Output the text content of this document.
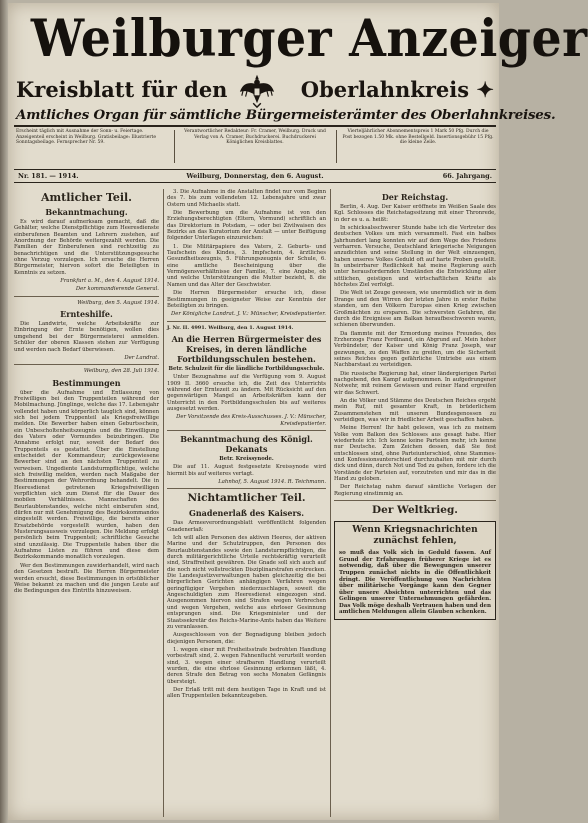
Weilburger Anzeiger
Kreisblatt für den	Oberlahnkreis ✦
Amtliches Organ für sämtliche Bürgermeisterämter des Oberlahnkreises.
Erscheint täglich mit Ausnahme der Sonn- u. Feiertage. Anzeigenteil erscheint in Weilburg. Gratisbeilage: Illustrierte Sonntagsbeilage. Fernsprecher Nr. 59.
Verantwortlicher Redakteur: Fr. Cramer, Weilburg. Druck und Verlag von A. Cramer, Buchdruckerei. Buchdruckerei Königlichen Kreisblattes.
Vierteljährlicher Abonnementspreis 1 Mark 50 Pfg. Durch die Post bezogen 1.50 Mk. ohne Bestellgeld. Insertionsgebühr 15 Pfg. die kleine Zeile.
Weilburg, Donnerstag, den 6. August.
Nr. 181. — 1914.	66. Jahrgang.
Amtlicher Teil.
Bekanntmachung.

Es wird darauf aufmerksam gemacht, daß die Gehälter, welche Dienstpflichtige zum Heeresdienste einberufenen Beamten und Lehrern zustehen, auf Anordnung der Behörde weitergezahlt werden. Die Familien der Einberufenen sind rechtzeitig zu benachrichtigen und die Unterstützungsgesuche ohne Verzug vorzulegen. Ich ersuche die Herren Bürgermeister, hiervon sofort die Beteiligten in Kenntnis zu setzen.

Frankfurt a. M., den 4. August 1914.

Der kommandierende General.

Weilburg, den 5. August 1914.

Ernteshilfe.

Die Landwirte, welche Arbeitskräfte zur Einbringung der Ernte benötigen, wollen dies umgehend bei der Bürgermeisterei anmelden. Schüler der oberen Klassen stehen zur Verfügung und werden nach Bedarf überwiesen.

Der Landrat.

Weilburg, den 28. Juli 1914.

Bestimmungen

über die Aufnahme und Entlassung von Freiwilligen bei den Truppenteilen während der Mobilmachung. Jünglinge, welche das 17. Lebensjahr vollendet haben und körperlich tauglich sind, können sich bei jedem Truppenteil als Kriegsfreiwillige melden. Die Bewerber haben einen Geburtsschein, ein Unbescholtenheitszeugnis und die Einwilligung des Vaters oder Vormundes beizubringen. Die Annahme erfolgt nur, soweit der Bedarf des Truppenteils es gestattet. Über die Einstellung entscheidet der Kommandeur; zurückgewiesene Bewerber sind an den nächsten Truppenteil zu verweisen. Ungediente Landsturmpflichtige, welche sich freiwillig melden, werden nach Maßgabe der Bestimmungen der Wehrordnung behandelt. Die in Heeresdienst getretenen Kriegsfreiwilligen verpflichten sich zum Dienst für die Dauer des mobilen Verhältnisses. Mannschaften des Beurlaubtenstandes, welche nicht einberufen sind, dürfen nur mit Genehmigung des Bezirkskommandos eingestellt werden. Freiwillige, die bereits einer Ersatzbehörde vorgestellt wurden, haben den Musterungsausweis vorzulegen. Die Meldung erfolgt persönlich beim Truppenteil; schriftliche Gesuche sind unzulässig. Die Truppenteile haben über die Aufnahme Listen zu führen und diese dem Bezirkskommando monatlich vorzulegen.

Wer den Bestimmungen zuwiderhandelt, wird nach den Gesetzen bestraft. Die Herren Bürgermeister werden ersucht, diese Bestimmungen in ortsüblicher Weise bekannt zu machen und die jungen Leute auf die Bedingungen des Eintritts hinzuweisen.

3. Die Aufnahme in die Anstalten findet nur vom Beginn des 7. bis zum vollendeten 12. Lebensjahre und zwar Ostern und Michaelis statt.

Die Bewerbung um die Aufnahme ist von den Erziehungsberechtigten (Eltern, Vormund) schriftlich an das Direktorium in Potsdam, — oder bei Zivilwaisen des Bezirks an das Kuratorium der Anstalt — unter Beifügung folgender Unterlagen einzureichen:

1. Die Militärpapiere des Vaters, 2. Geburts- und Taufschein des Kindes, 3. Impfschein, 4. ärztliches Gesundheitszeugnis, 5. Führungszeugnis der Schule, 6. eine amtliche Bescheinigung über die Vermögensverhältnisse der Familie, 7. eine Angabe, ob und welche Unterstützungen die Mutter bezieht, 8. die Namen und das Alter der Geschwister.

Die Herren Bürgermeister ersuche ich, diese Bestimmungen in geeigneter Weise zur Kenntnis der Beteiligten zu bringen.

Der Königliche Landrat. J. V.: Münscher, Kreisdeputierter.

J. Nr. II. 4991. Weilburg, den 1. August 1914.

An die Herren Bürgermeister des Kreises, in deren ländliche Fortbildungsschulen bestehen.

Betr. Schulzeit für die ländliche Fortbildungsschule.

Unter Bezugnahme auf die Verfügung vom 9. August 1909 II. 3660 ersuche ich, die Zeit des Unterrichts während der Erntezeit zu ändern. Mit Rücksicht auf den gegenwärtigen Mangel an Arbeitskräften kann der Unterricht in den Fortbildungsschulen bis auf weiteres ausgesetzt werden.

Der Vorsitzende des Kreis-Ausschusses. J. V.: Münscher, Kreisdeputierter.

Bekanntmachung des Königl. Dekanats

Betr. Kreissynode.

Die auf 11. August festgesetzte Kreissynode wird hiermit bis auf weiteres vertagt.

Lahnhof, 5. August 1914. R. Teichmann.

Nichtamtlicher Teil.
Gnadenerlaß des Kaisers.

Das Armeeverordnungsblatt veröffentlicht folgenden Gnadenerlaß:

Ich will allen Personen des aktiven Heeres, der aktiven Marine und der Schutztruppen, den Personen des Beurlaubtenstandes sowie den Landsturmpflichtigen, die durch militärgerichtliche Urteile rechtskräftig verurteilt sind, Straffreiheit gewähren. Die Gnade soll sich auch auf die noch nicht vollstreckten Disziplinarstrafen erstrecken. Die Landesjustizverwaltungen haben gleichzeitig die bei bürgerlichen Gerichten anhängigen Verfahren wegen geringfügiger Vergehen niederzuschlagen, soweit die Angeschuldigten zum Heeresdienst eingezogen sind. Ausgenommen hiervon sind Strafen wegen Verbrechen und wegen Vergehen, welche aus ehrloser Gesinnung entsprungen sind. Die Kriegsminister und der Staatssekretär des Reichs-Marine-Amts haben das Weitere zu veranlassen.

Ausgeschlossen von der Begnadigung bleiben jedoch diejenigen Personen, die:

1. wegen einer mit Freiheitsstrafe bedrohten Handlung vorbestraft sind, 2. wegen Fahnenflucht verurteilt worden sind, 3. wegen einer strafbaren Handlung verurteilt wurden, die eine ehrlose Gesinnung erkennen läßt, 4. deren Strafe den Betrag von sechs Monaten Gefängnis übersteigt.

Der Erlaß tritt mit dem heutigen Tage in Kraft und ist allen Truppenteilen bekanntzugeben.

Der Reichstag.

Berlin, 4. Aug. Der Kaiser eröffnete im Weißen Saale des Kgl. Schlosses die Reichstagssitzung mit einer Thronrede, in der es u. a. heißt:

In schicksalsschwerer Stunde habe ich die Vertreter des deutschen Volkes um mich versammelt. Fast ein halbes Jahrhundert lang konnten wir auf dem Wege des Friedens verharren. Versuche, Deutschland kriegerische Neigungen anzudichten und seine Stellung in der Welt einzuengen, haben unseres Volkes Geduld oft auf harte Proben gestellt. In unbeirrbarer Redlichkeit hat meine Regierung auch unter herausfordernden Umständen die Entwicklung aller sittlichen, geistigen und wirtschaftlichen Kräfte als höchstes Ziel verfolgt.

Die Welt ist Zeuge gewesen, wie unermüdlich wir in dem Drange und den Wirren der letzten Jahre in erster Reihe standen, um den Völkern Europas einen Krieg zwischen Großmächten zu ersparen. Die schwersten Gefahren, die durch die Ereignisse am Balkan heraufbeschworen waren, schienen überwunden.

Da flammte mit der Ermordung meines Freundes, des Erzherzogs Franz Ferdinand, ein Abgrund auf. Mein hoher Verbündeter, der Kaiser und König Franz Joseph, war gezwungen, zu den Waffen zu greifen, um die Sicherheit seines Reiches gegen gefährliche Umtriebe aus einem Nachbarstaat zu verteidigen.

Die russische Regierung hat, einer ländergierigen Partei nachgebend, den Kampf aufgenommen. In aufgedrungener Notwehr, mit reinem Gewissen und reiner Hand ergreifen wir das Schwert.

An die Völker und Stämme des Deutschen Reiches ergeht mein Ruf, mit gesamter Kraft, in brüderlichem Zusammenstehen mit unseren Bundesgenossen zu verteidigen, was wir in friedlicher Arbeit geschaffen haben.

Meine Herren! Ihr habt gelesen, was ich zu meinem Volke vom Balkon des Schlosses aus gesagt habe. Hier wiederhole ich: Ich kenne keine Parteien mehr, ich kenne nur Deutsche. Zum Zeichen dessen, daß Sie fest entschlossen sind, ohne Parteiunterschied, ohne Stammes- und Konfessionsunterschied durchzuhalten mit mir durch dick und dünn, durch Not und Tod zu gehen, fordere ich die Vorstände der Parteien auf, vorzutreten und mir das in die Hand zu geloben.

Der Reichstag nahm darauf sämtliche Vorlagen der Regierung einstimmig an.

Der Weltkrieg.
Wenn Kriegsnachrichten zunächst fehlen,

so muß das Volk sich in Geduld fassen. Auf Grund der Erfahrungen früherer Kriege ist es notwendig, daß über die Bewegungen unserer Truppen zunächst nichts in die Öffentlichkeit dringt. Die Veröffentlichung von Nachrichten über militärische Vorgänge kann den Gegner über unsere Absichten unterrichten und das Gelingen unserer Unternehmungen gefährden. Das Volk möge deshalb Vertrauen haben und den amtlichen Meldungen allein Glauben schenken.
